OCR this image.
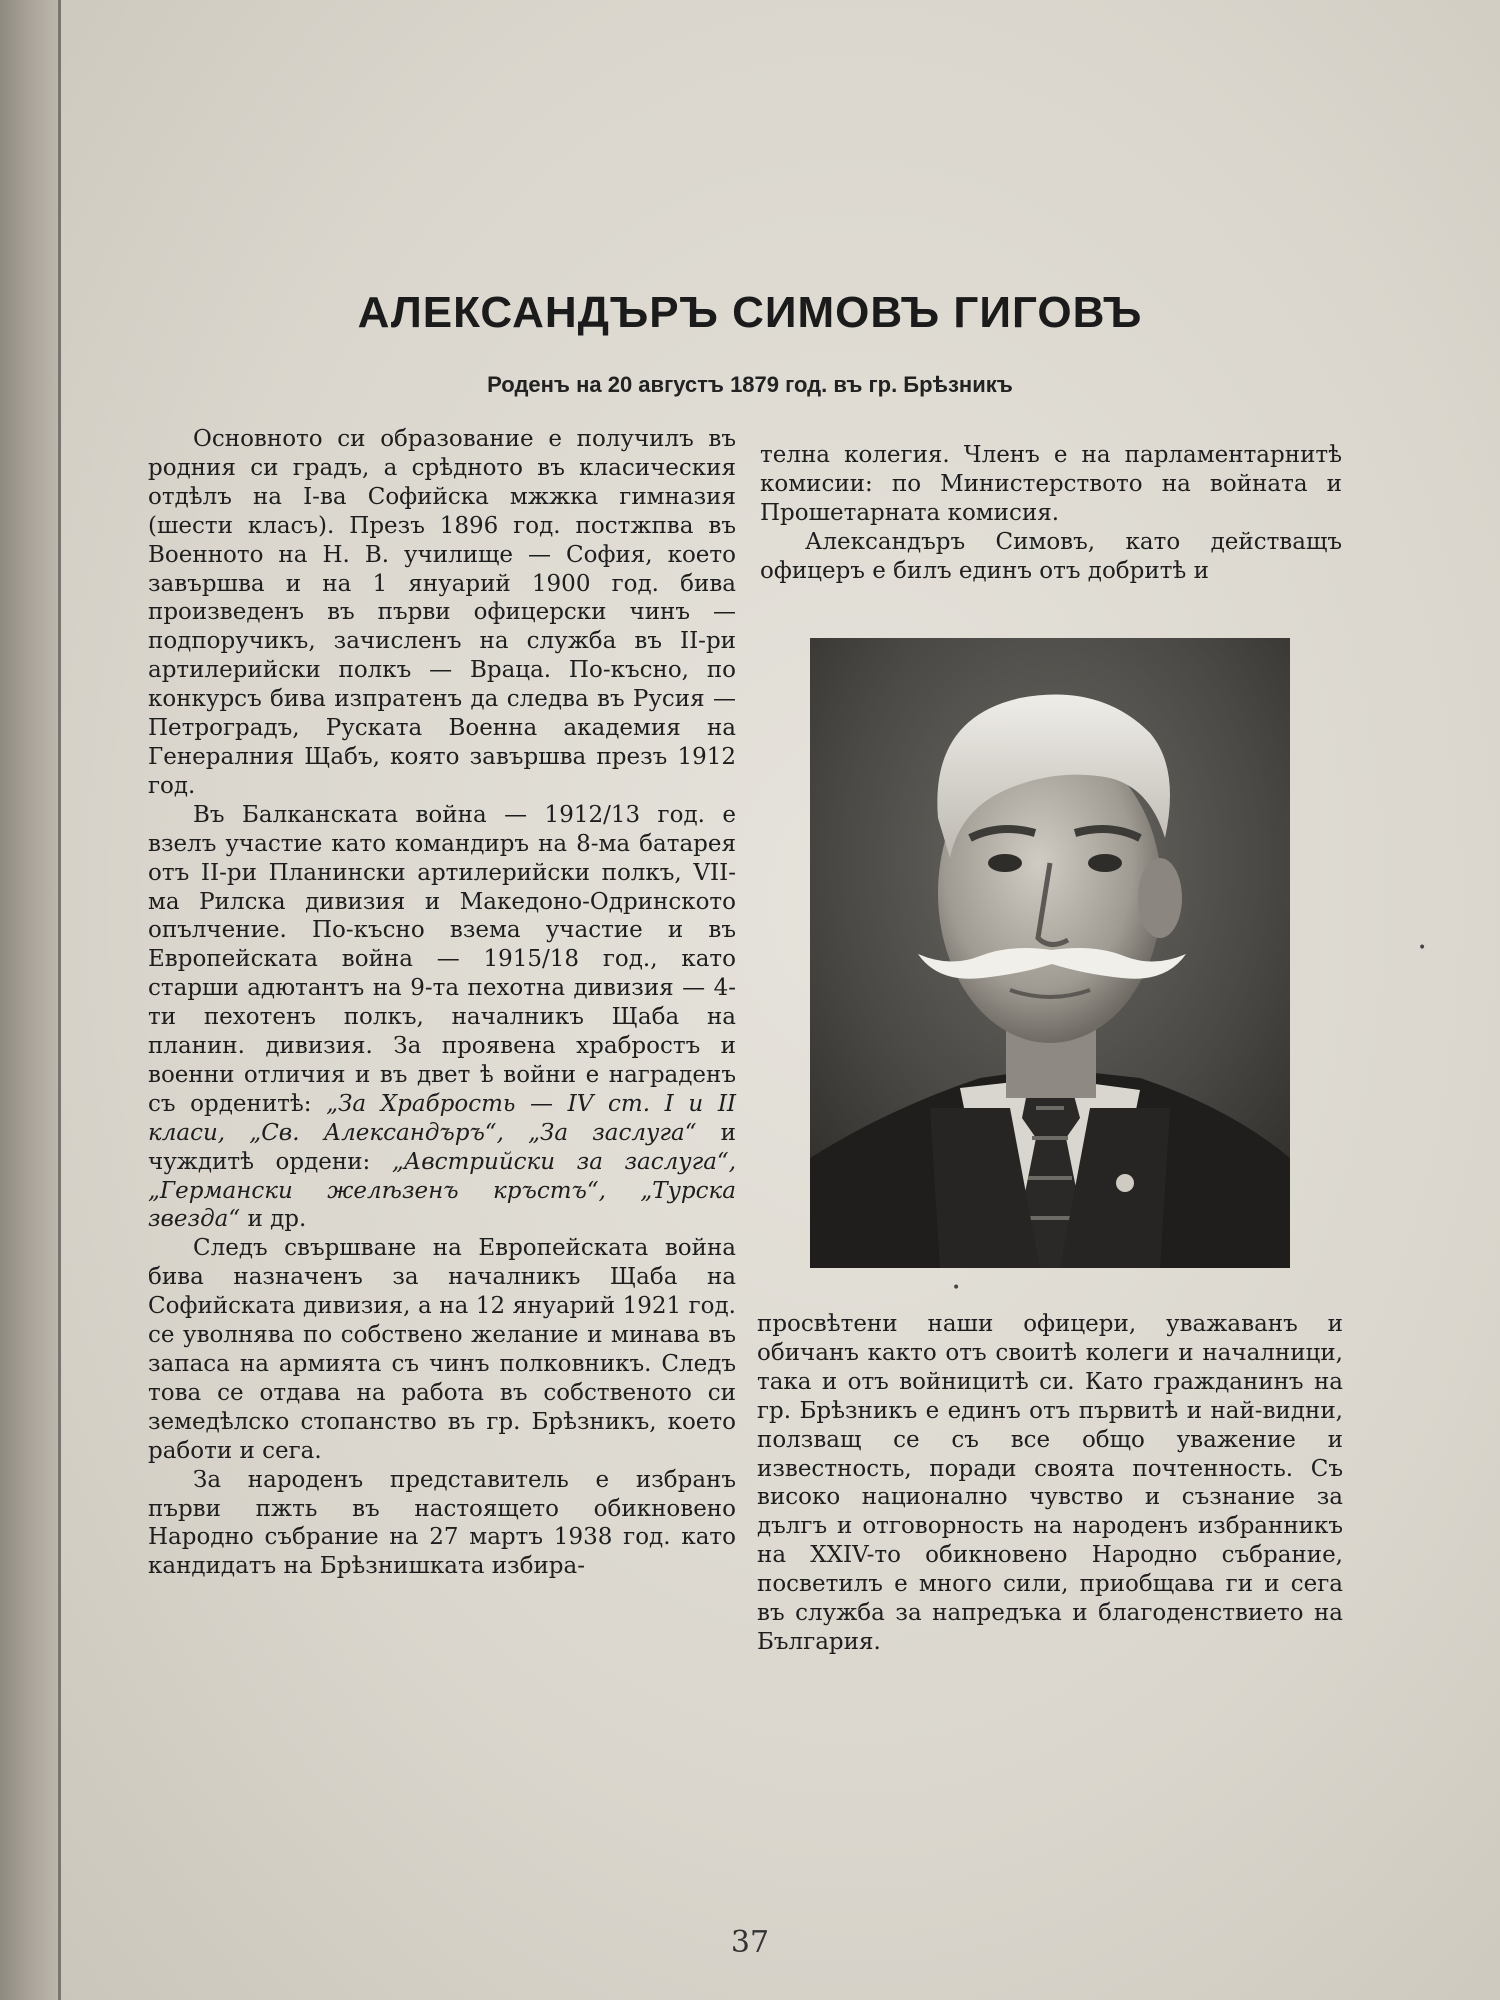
АЛЕКСАНДЪРЪ СИМОВЪ ГИГОВЪ
Роденъ на 20 августъ 1879 год. въ гр. Брѣзникъ

Основното си образование е получилъ въ родния си градъ, а срѣдното въ класическия отдѣлъ на I-ва Софийска мжжка гимназия (шести класъ). Презъ 1896 год. постжпва въ Военното на Н. В. училище — София, което завършва и на 1 януарий 1900 год. бива произведенъ въ първи офицерски чинъ — подпоручикъ, зачисленъ на служба въ II-ри артилерийски полкъ — Враца. По-късно, по конкурсъ бива изпратенъ да следва въ Русия — Петроградъ, Руската Военна академия на Генералния Щабъ, която завършва презъ 1912 год.

Въ Балканската война — 1912/13 год. е взелъ участие като командиръ на 8-ма батарея отъ II-ри Планински артилерийски полкъ, VII-ма Рилска дивизия и Македоно-Одринското опълчение. По-късно взема участие и въ Европейската война — 1915/18 год., като старши адютантъ на 9-та пехотна дивизия — 4-ти пехотенъ полкъ, началникъ Щаба на планин. дивизия. За проявена храбростъ и военни отличия и въ двет ѣ войни е награденъ съ орденитѣ: „За Храбрость — IV ст. I и II класи, „Св. Александъръ“, „За заслуга“ и чуждитѣ ордени: „Австрийски за заслуга“, „Германски желѣзенъ кръстъ“, „Турска звезда“ и др.

Следъ свършване на Европейската война бива назначенъ за началникъ Щаба на Софийската дивизия, а на 12 януарий 1921 год. се уволнява по собствено желание и минава въ запаса на армията съ чинъ полковникъ. Следъ това се отдава на работа въ собственото си земедѣлско стопанство въ гр. Брѣзникъ, което работи и сега.

За народенъ представитель е избранъ първи пжть въ настоящето обикновено Народно събрание на 27 мартъ 1938 год. като кандидатъ на Брѣзнишката избира-

телна колегия. Членъ е на парламентарнитѣ комисии: по Министерството на войната и Прошетарната комисия.

Александъръ Симовъ, като действащъ офицеръ е билъ единъ отъ добритѣ и

просвѣтени наши офицери, уважаванъ и обичанъ както отъ своитѣ колеги и началници, така и отъ войницитѣ си. Като гражданинъ на гр. Брѣзникъ е единъ отъ първитѣ и най-видни, ползващ се съ все общо уважение и известность, поради своята почтенность. Съ високо национално чувство и съзнание за дългъ и отговорность на народенъ избранникъ на XXIV-то обикновено Народно събрание, посветилъ е много сили, приобщава ги и сега въ служба за напредъка и благоденствието на България.

•
•
37
